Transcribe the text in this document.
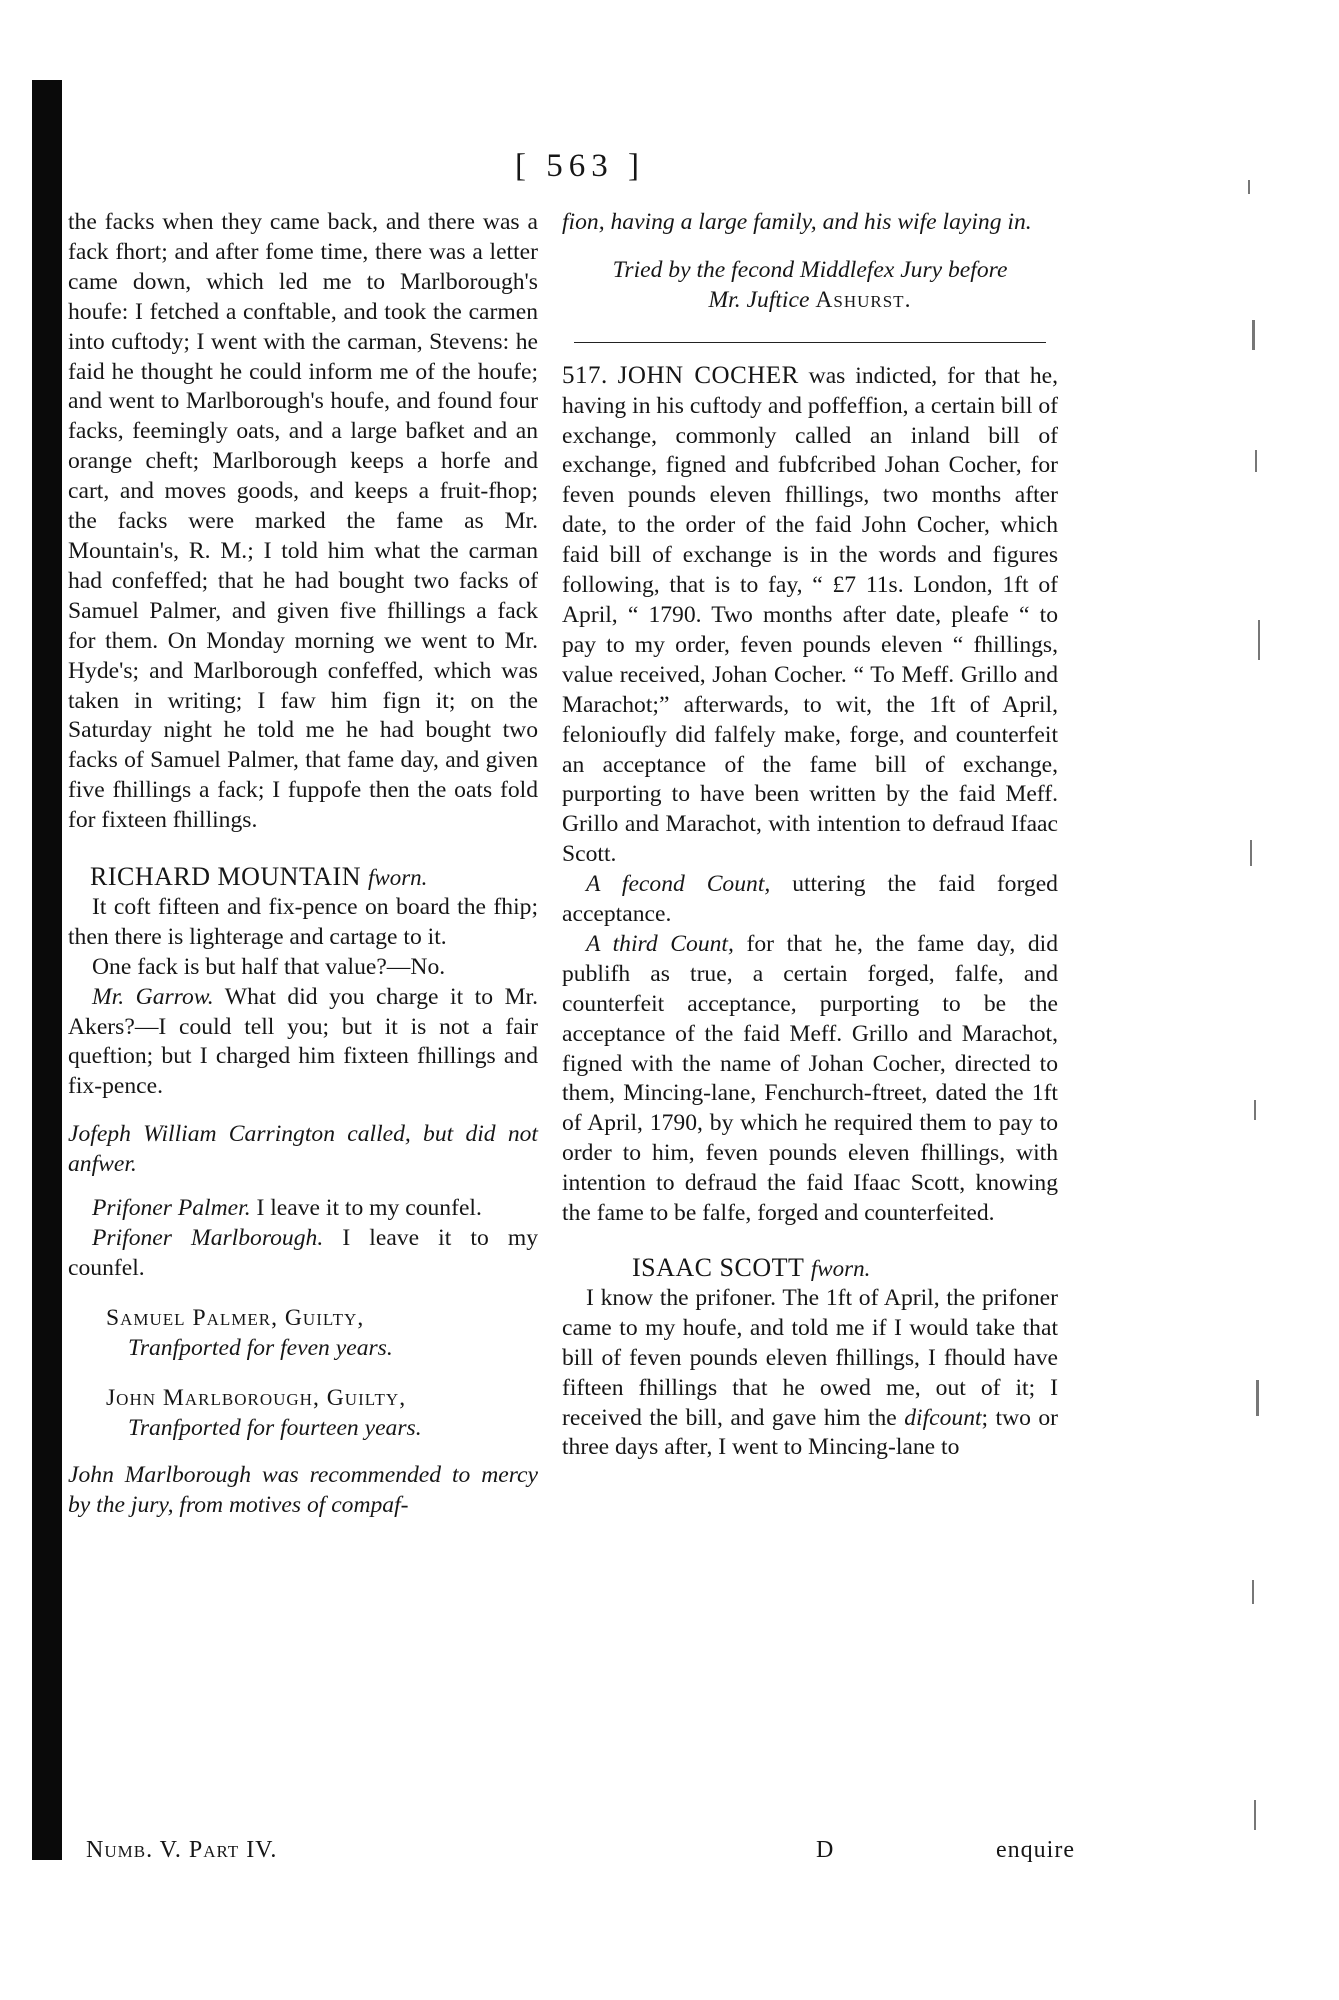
[ 563 ]

the facks when they came back, and there was a fack fhort; and after fome time, there was a letter came down, which led me to Marlborough's houfe: I fetched a conftable, and took the carmen into cuftody; I went with the carman, Stevens: he faid he thought he could inform me of the houfe; and went to Marlborough's houfe, and found four facks, feemingly oats, and a large bafket and an orange cheft; Marlborough keeps a horfe and cart, and moves goods, and keeps a fruit-fhop; the facks were marked the fame as Mr. Mountain's, R. M.; I told him what the carman had confeffed; that he had bought two facks of Samuel Palmer, and given five fhillings a fack for them. On Monday morning we went to Mr. Hyde's; and Marlborough confeffed, which was taken in writing; I faw him fign it; on the Saturday night he told me he had bought two facks of Samuel Palmer, that fame day, and given five fhillings a fack; I fuppofe then the oats fold for fixteen fhillings.

RICHARD MOUNTAIN fworn.

It coft fifteen and fix-pence on board the fhip; then there is lighterage and cartage to it.

One fack is but half that value?—No.

Mr. Garrow. What did you charge it to Mr. Akers?—I could tell you; but it is not a fair queftion; but I charged him fixteen fhillings and fix-pence.

Jofeph William Carrington called, but did not anfwer.

Prifoner Palmer. I leave it to my counfel.

Prifoner Marlborough. I leave it to my counfel.

Samuel Palmer, Guilty,

Tranfported for feven years.

John Marlborough, Guilty,

Tranfported for fourteen years.

John Marlborough was recommended to mercy by the jury, from motives of compaf-

fion, having a large family, and his wife laying in.

Tried by the fecond Middlefex Jury before
Mr. Juftice Ashurst.

517. JOHN COCHER was indicted, for that he, having in his cuftody and poffeffion, a certain bill of exchange, commonly called an inland bill of exchange, figned and fubfcribed Johan Cocher, for feven pounds eleven fhillings, two months after date, to the order of the faid John Cocher, which faid bill of exchange is in the words and figures following, that is to fay, “ £7 11s. London, 1ft of April, “ 1790. Two months after date, pleafe “ to pay to my order, feven pounds eleven “ fhillings, value received, Johan Cocher. “ To Meff. Grillo and Marachot;” afterwards, to wit, the 1ft of April, felonioufly did falfely make, forge, and counterfeit an acceptance of the fame bill of exchange, purporting to have been written by the faid Meff. Grillo and Marachot, with intention to defraud Ifaac Scott.

A fecond Count, uttering the faid forged acceptance.

A third Count, for that he, the fame day, did publifh as true, a certain forged, falfe, and counterfeit acceptance, purporting to be the acceptance of the faid Meff. Grillo and Marachot, figned with the name of Johan Cocher, directed to them, Mincing-lane, Fenchurch-ftreet, dated the 1ft of April, 1790, by which he required them to pay to order to him, feven pounds eleven fhillings, with intention to defraud the faid Ifaac Scott, knowing the fame to be falfe, forged and counterfeited.

ISAAC SCOTT fworn.

I know the prifoner. The 1ft of April, the prifoner came to my houfe, and told me if I would take that bill of feven pounds eleven fhillings, I fhould have fifteen fhillings that he owed me, out of it; I received the bill, and gave him the difcount; two or three days after, I went to Mincing-lane to

Numb. V. Part IV.	D	enquire
